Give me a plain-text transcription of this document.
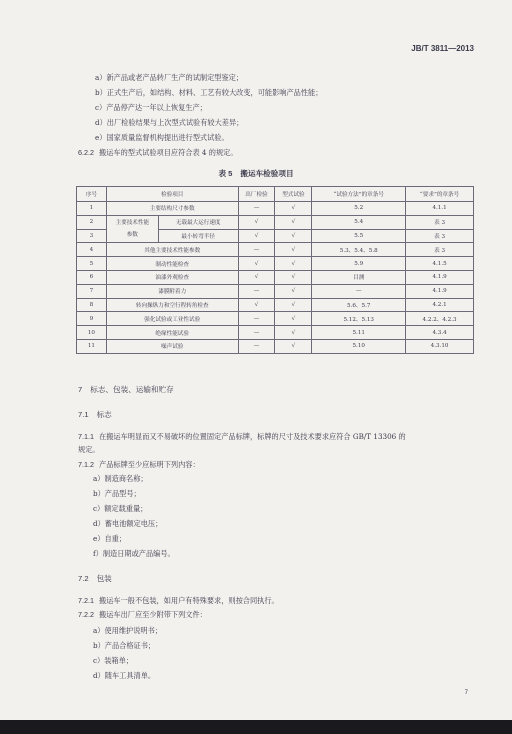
JB/T 3811—2013
a）新产品或老产品转厂生产的试制定型鉴定；
b）正式生产后，如结构、材料、工艺有较大改变，可能影响产品性能；
c）产品停产达一年以上恢复生产；
d）出厂检验结果与上次型式试验有较大差异；
e）国家质量监督机构提出进行型式试验。
6.2.2 搬运车的型式试验项目应符合表 4 的规定。
表 5 搬运车检验项目
序号	检验项目		出厂检验	型式试验	“试验方法”的章条号	“要求”的章条号
1	主要结构尺寸参数		—	√	5.2	4.1.1
2	主要技术性能参数	无载最大运行速度	√	√	5.4	表 3
3		最小转弯半径	√	√	5.5	表 3
4	其他主要技术性能参数		—	√	5.3、5.4、5.8	表 3
5	制动性能检查		√	√	5.9	4.1.5
6	油漆外观检查		√	√	目测	4.1.9
7	漆膜附着力		—	√	—	4.1.9
8	转向操纵力和空行程转角检查		√	√	5.6、5.7	4.2.1
9	强化试验或工业性试验		—	√	5.12、5.13	4.2.2、4.2.3
10	绝缘性能试验		—	√	5.11	4.3.4
11	噪声试验		—	√	5.10	4.3.10
7 标志、包装、运输和贮存
7.1 标志
7.1.1 在搬运车明显而又不易破坏的位置固定产品标牌，标牌的尺寸及技术要求应符合 GB/T 13306 的
规定。
7.1.2 产品标牌至少应标明下列内容：
a）制造商名称；
b）产品型号；
c）额定载重量；
d）蓄电池额定电压；
e）自重；
f）制造日期或产品编号。
7.2 包装
7.2.1 搬运车一般不包装，如用户有特殊要求，则按合同执行。
7.2.2 搬运车出厂应至少附带下列文件：
a）使用维护说明书；
b）产品合格证书；
c）装箱单；
d）随车工具清单。
7
